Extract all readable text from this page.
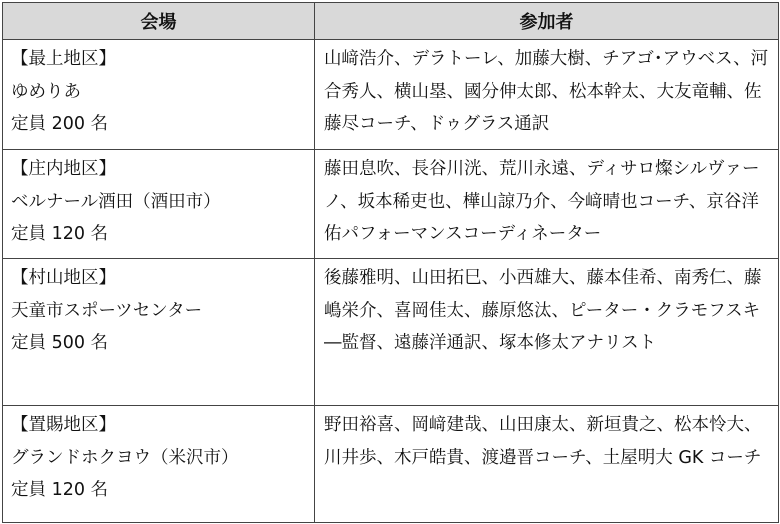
会場	参加者

【最上地区】
ゆめりあ
定員 200 名	山﨑浩介、デラトーレ、加藤大樹、チアゴ･アウベス、河合秀人、横山塁、國分伸太郎、松本幹太、大友竜輔、佐藤尽コーチ、ドゥグラス通訳

【庄内地区】
ベルナール酒田（酒田市）
定員 120 名	藤田息吹、長谷川洸、荒川永遠、ディサロ燦シルヴァーノ、坂本稀吏也、樺山諒乃介、今﨑晴也コーチ、京谷洋佑パフォーマンスコーディネーター

【村山地区】
天童市スポーツセンター
定員 500 名	後藤雅明、山田拓巳、小西雄大、藤本佳希、南秀仁、藤嶋栄介、喜岡佳太、藤原悠汰、ピーター・クラモフスキ―監督、遠藤洋通訳、塚本修太アナリスト

【置賜地区】
グランドホクヨウ（米沢市）
定員 120 名	野田裕喜、岡﨑建哉、山田康太、新垣貴之、松本怜大、川井歩、木戸皓貴、渡邉晋コーチ、土屋明大 GK コーチ
